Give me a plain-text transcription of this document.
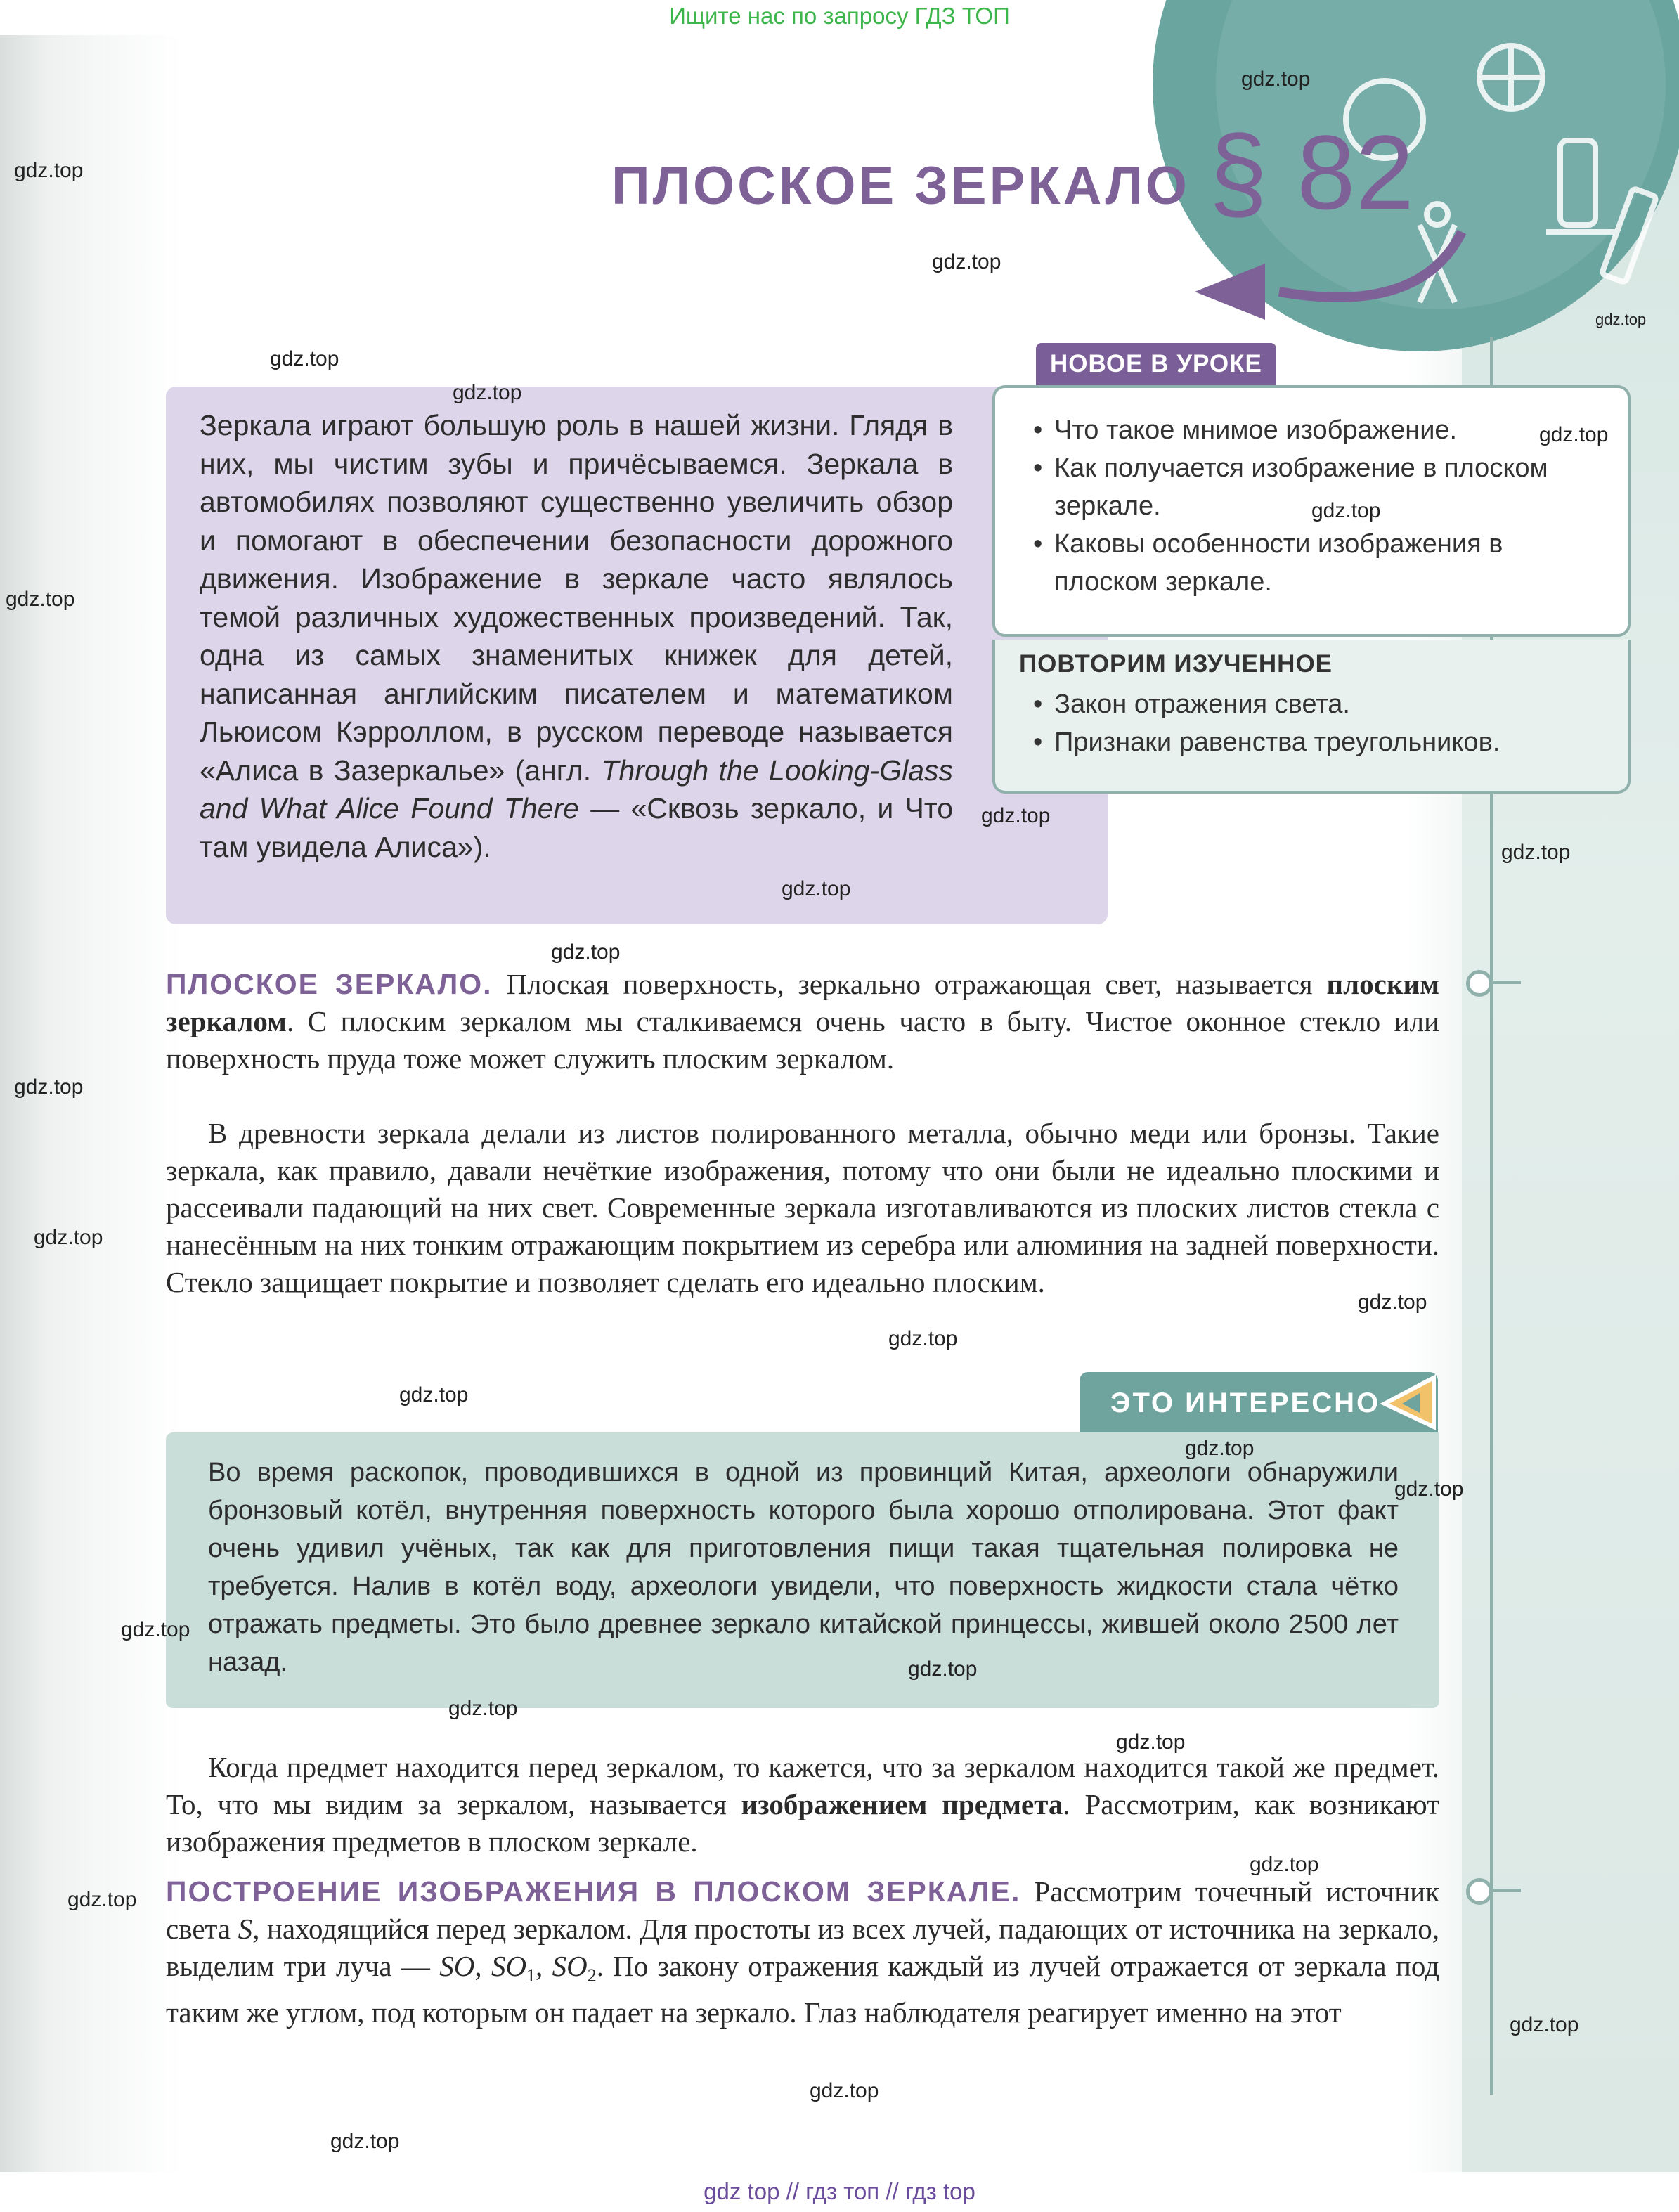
Ищите нас по запросу ГДЗ ТОП
ПЛОСКОЕ ЗЕРКАЛО § 82
Зеркала играют большую роль в нашей жизни. Глядя в них, мы чистим зубы и причёсываемся. Зеркала в автомобилях позволяют существенно увеличить обзор и помогают в обеспечении безопасности дорожного движения. Изображение в зеркале часто являлось темой различных художественных произведений. Так, одна из самых знаменитых книжек для детей, написанная английским писателем и математиком Льюисом Кэрроллом, в русском переводе называется «Алиса в Зазеркалье» (англ. Through the Looking-Glass and What Alice Found There — «Сквозь зеркало, и Что там увидела Алиса»).
НОВОЕ В УРОКЕ
• Что такое мнимое изображение.
• Как получается изображение в плоском зеркале.
• Каковы особенности изображения в плоском зеркале.
ПОВТОРИМ ИЗУЧЕННОЕ
• Закон отражения света.
• Признаки равенства треугольников.
ПЛОСКОЕ ЗЕРКАЛО. Плоская поверхность, зеркально отражающая свет, называется плоским зеркалом. С плоским зеркалом мы сталкиваемся очень часто в быту. Чистое оконное стекло или поверхность пруда тоже может служить плоским зеркалом.
В древности зеркала делали из листов полированного металла, обычно меди или бронзы. Такие зеркала, как правило, давали нечёткие изображения, потому что они были не идеально плоскими и рассеивали падающий на них свет. Современные зеркала изготавливаются из плоских листов стекла с нанесённым на них тонким отражающим покрытием из серебра или алюминия на задней поверхности. Стекло защищает покрытие и позволяет сделать его идеально плоским.
ЭТО ИНТЕРЕСНО
Во время раскопок, проводившихся в одной из провинций Китая, археологи обнаружили бронзовый котёл, внутренняя поверхность которого была хорошо отполирована. Этот факт очень удивил учёных, так как для приготовления пищи такая тщательная полировка не требуется. Налив в котёл воду, археологи увидели, что поверхность жидкости стала чётко отражать предметы. Это было древнее зеркало китайской принцессы, жившей около 2500 лет назад.
Когда предмет находится перед зеркалом, то кажется, что за зеркалом находится такой же предмет. То, что мы видим за зеркалом, называется изображением предмета. Рассмотрим, как возникают изображения предметов в плоском зеркале.
ПОСТРОЕНИЕ ИЗОБРАЖЕНИЯ В ПЛОСКОМ ЗЕРКАЛЕ. Рассмотрим точечный источник света S, находящийся перед зеркалом. Для простоты из всех лучей, падающих от источника на зеркало, выделим три луча — SO, $SO_1$, $SO_2$. По закону отражения каждый из лучей отражается от зеркала под таким же углом, под которым он падает на зеркало. Глаз наблюдателя реагирует именно на этот
gdz.top
gdz.top
gdz.top
gdz.top
gdz.top
gdz.top
gdz.top
gdz.top
gdz.top
gdz.top
gdz.top
gdz.top
gdz.top
gdz.top
gdz.top
gdz.top
gdz.top
gdz.top
gdz.top
gdz.top
gdz.top
gdz.top
gdz.top
gdz.top
gdz.top
gdz.top
gdz.top
gdz.top
gdz.top
gdz top // гдз топ // гдз top
